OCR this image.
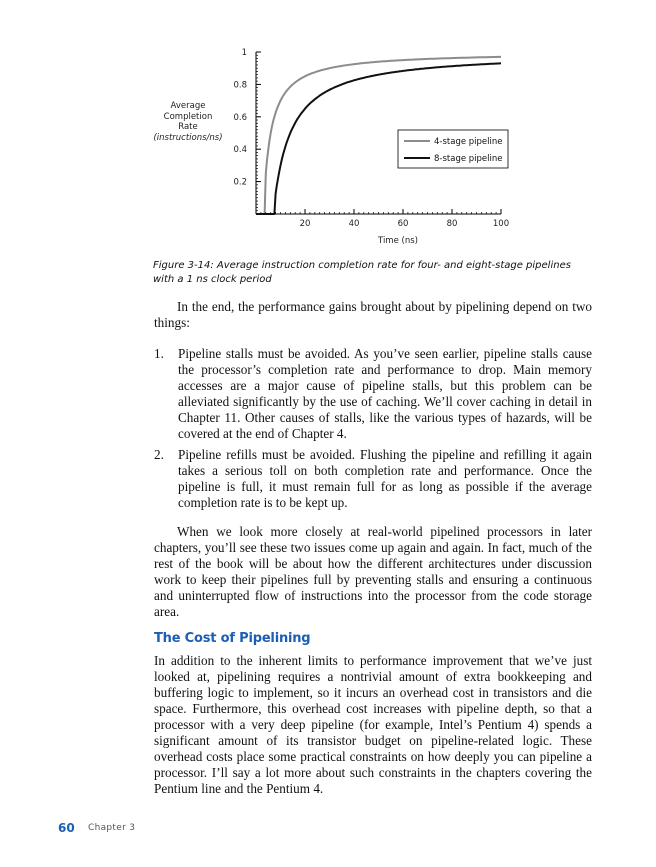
Average
Completion
Rate
(instructions/ns)
20	40	60	80	100
0.2
0.4
0.6
0.8
1
4-stage pipeline
8-stage pipeline
Time (ns)
Figure 3-14: Average instruction completion rate for four- and eight-stage pipelines with a 1 ns clock period

In the end, the performance gains brought about by pipelining depend on two things:

1. Pipeline stalls must be avoided. As you’ve seen earlier, pipeline stalls cause the processor’s completion rate and performance to drop. Main memory accesses are a major cause of pipeline stalls, but this problem can be alleviated significantly by the use of caching. We’ll cover caching in detail in Chapter 11. Other causes of stalls, like the various types of hazards, will be covered at the end of Chapter 4.
2. Pipeline refills must be avoided. Flushing the pipeline and refilling it again takes a serious toll on both completion rate and performance. Once the pipeline is full, it must remain full for as long as possible if the average completion rate is to be kept up.

When we look more closely at real-world pipelined processors in later chapters, you’ll see these two issues come up again and again. In fact, much of the rest of the book will be about how the different architectures under discussion work to keep their pipelines full by preventing stalls and ensuring a continuous and uninterrupted flow of instructions into the processor from the code storage area.

The Cost of Pipelining

In addition to the inherent limits to performance improvement that we’ve just looked at, pipelining requires a nontrivial amount of extra bookkeeping and buffering logic to implement, so it incurs an overhead cost in transistors and die space. Furthermore, this overhead cost increases with pipeline depth, so that a processor with a very deep pipeline (for example, Intel’s Pentium 4) spends a significant amount of its transistor budget on pipeline-related logic. These overhead costs place some practical constraints on how deeply you can pipeline a processor. I’ll say a lot more about such constraints in the chapters covering the Pentium line and the Pentium 4.

60 Chapter 3
